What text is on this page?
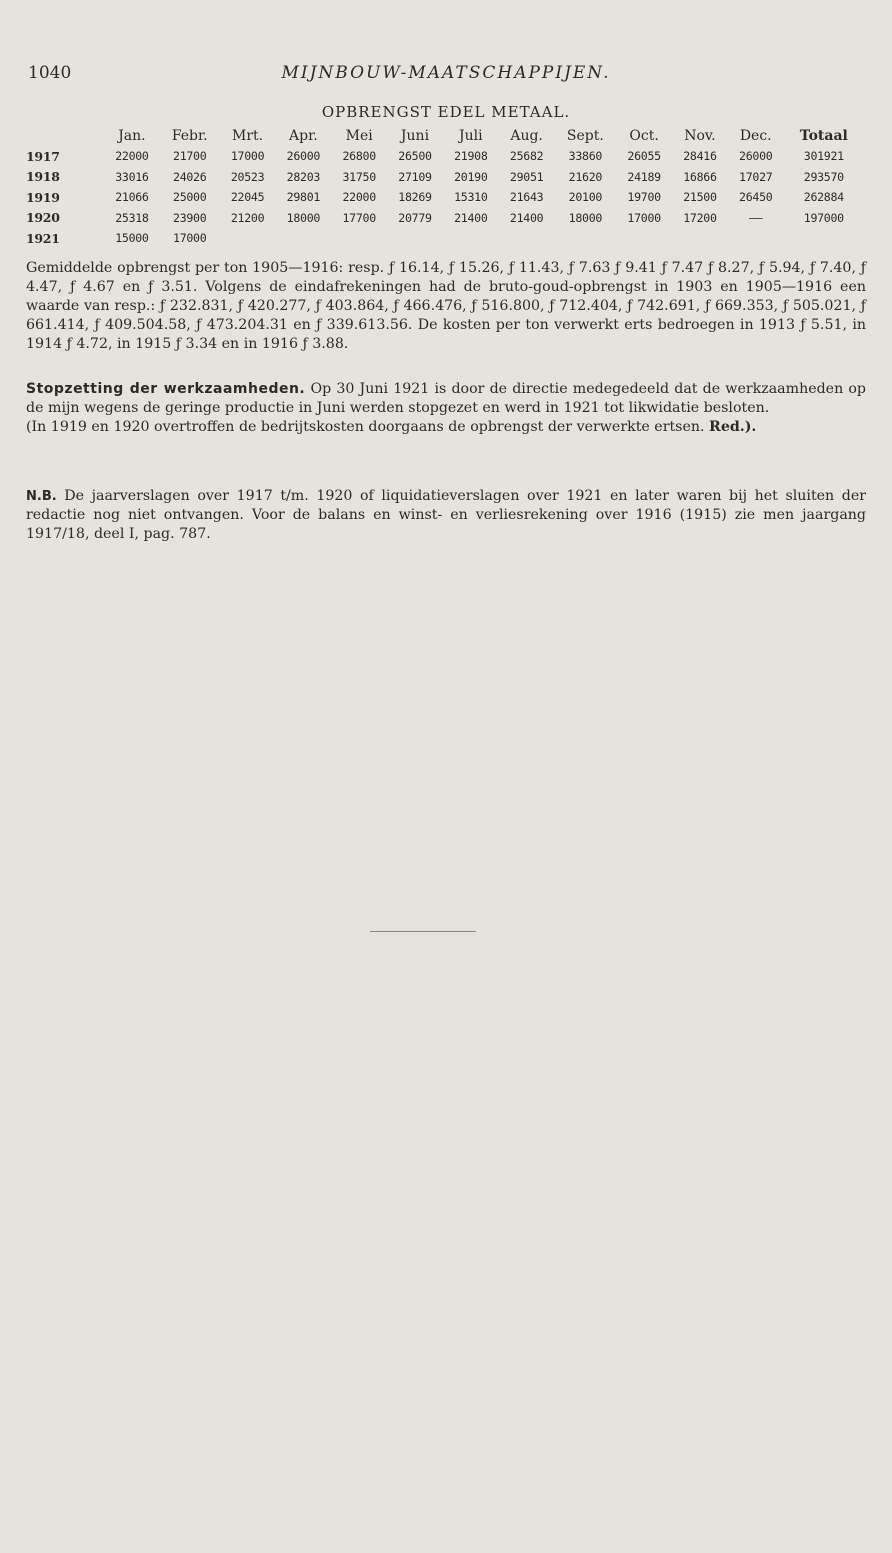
1040	MIJNBOUW-MAATSCHAPPIJEN.
OPBRENGST EDEL METAAL.
	Jan.	Febr.	Mrt.	Apr.	Mei	Juni	Juli	Aug.	Sept.	Oct.	Nov.	Dec.	Totaal
1917	22000	21700	17000	26000	26800	26500	21908	25682	33860	26055	28416	26000	301921
1918	33016	24026	20523	28203	31750	27109	20190	29051	21620	24189	16866	17027	293570
1919	21066	25000	22045	29801	22000	18269	15310	21643	20100	19700	21500	26450	262884
1920	25318	23900	21200	18000	17700	20779	21400	21400	18000	17000	17200	——	197000
1921	15000	17000											

Gemiddelde opbrengst per ton 1905—1916: resp. ƒ 16.14, ƒ 15.26, ƒ 11.43, ƒ 7.63 ƒ 9.41 ƒ 7.47 ƒ 8.27, ƒ 5.94, ƒ 7.40, ƒ 4.47, ƒ 4.67 en ƒ 3.51. Volgens de eindafrekeningen had de bruto-goud-opbrengst in 1903 en 1905—1916 een waarde van resp.: ƒ 232.831, ƒ 420.277, ƒ 403.864, ƒ 466.476, ƒ 516.800, ƒ 712.404, ƒ 742.691, ƒ 669.353, ƒ 505.021, ƒ 661.414, ƒ 409.504.58, ƒ 473.204.31 en ƒ 339.613.56. De kosten per ton verwerkt erts bedroegen in 1913 ƒ 5.51, in 1914 ƒ 4.72, in 1915 ƒ 3.34 en in 1916 ƒ 3.88.

Stopzetting der werkzaamheden. Op 30 Juni 1921 is door de directie medegedeeld dat de werkzaamheden op de mijn wegens de geringe productie in Juni werden stopgezet en werd in 1921 tot likwidatie besloten.

(In 1919 en 1920 overtroffen de bedrijtskosten doorgaans de opbrengst der verwerkte ertsen. Red.).

N.B. De jaarverslagen over 1917 t/m. 1920 of liquidatieverslagen over 1921 en later waren bij het sluiten der redactie nog niet ontvangen. Voor de balans en winst- en verliesrekening over 1916 (1915) zie men jaargang 1917/18, deel I, pag. 787.
